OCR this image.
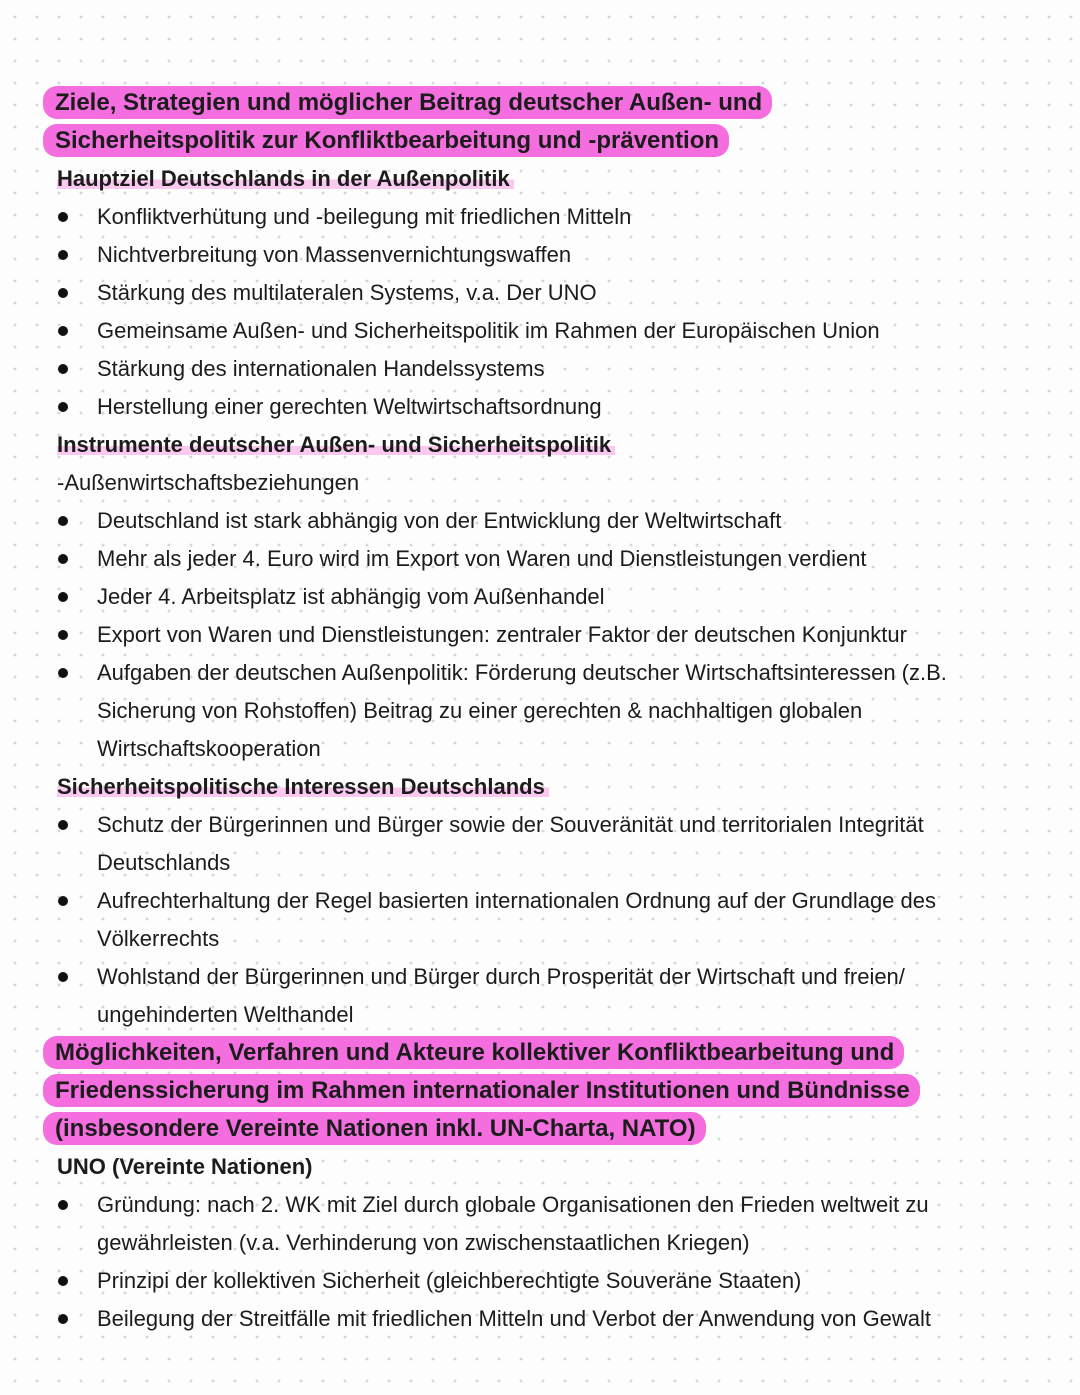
Ziele, Strategien und möglicher Beitrag deutscher Außen- und
Sicherheitspolitik zur Konfliktbearbeitung und -prävention
Hauptziel Deutschlands in der Außenpolitik
Konfliktverhütung und -beilegung mit friedlichen Mitteln
Nichtverbreitung von Massenvernichtungswaffen
Stärkung des multilateralen Systems, v.a. Der UNO
Gemeinsame Außen- und Sicherheitspolitik im Rahmen der Europäischen Union
Stärkung des internationalen Handelssystems
Herstellung einer gerechten Weltwirtschaftsordnung
Instrumente deutscher Außen- und Sicherheitspolitik
-Außenwirtschaftsbeziehungen
Deutschland ist stark abhängig von der Entwicklung der Weltwirtschaft
Mehr als jeder 4. Euro wird im Export von Waren und Dienstleistungen verdient
Jeder 4. Arbeitsplatz ist abhängig vom Außenhandel
Export von Waren und Dienstleistungen: zentraler Faktor der deutschen Konjunktur
Aufgaben der deutschen Außenpolitik: Förderung deutscher Wirtschaftsinteressen (z.B.
Sicherung von Rohstoffen) Beitrag zu einer gerechten & nachhaltigen globalen
Wirtschaftskooperation
Sicherheitspolitische Interessen Deutschlands
Schutz der Bürgerinnen und Bürger sowie der Souveränität und territorialen Integrität
Deutschlands
Aufrechterhaltung der Regel basierten internationalen Ordnung auf der Grundlage des
Völkerrechts
Wohlstand der Bürgerinnen und Bürger durch Prosperität der Wirtschaft und freien/
ungehinderten Welthandel
Möglichkeiten, Verfahren und Akteure kollektiver Konfliktbearbeitung und
Friedenssicherung im Rahmen internationaler Institutionen und Bündnisse
(insbesondere Vereinte Nationen inkl. UN-Charta, NATO)
UNO (Vereinte Nationen)
Gründung: nach 2. WK mit Ziel durch globale Organisationen den Frieden weltweit zu
gewährleisten (v.a. Verhinderung von zwischenstaatlichen Kriegen)
Prinzipi der kollektiven Sicherheit (gleichberechtigte Souveräne Staaten)
Beilegung der Streitfälle mit friedlichen Mitteln und Verbot der Anwendung von Gewalt
